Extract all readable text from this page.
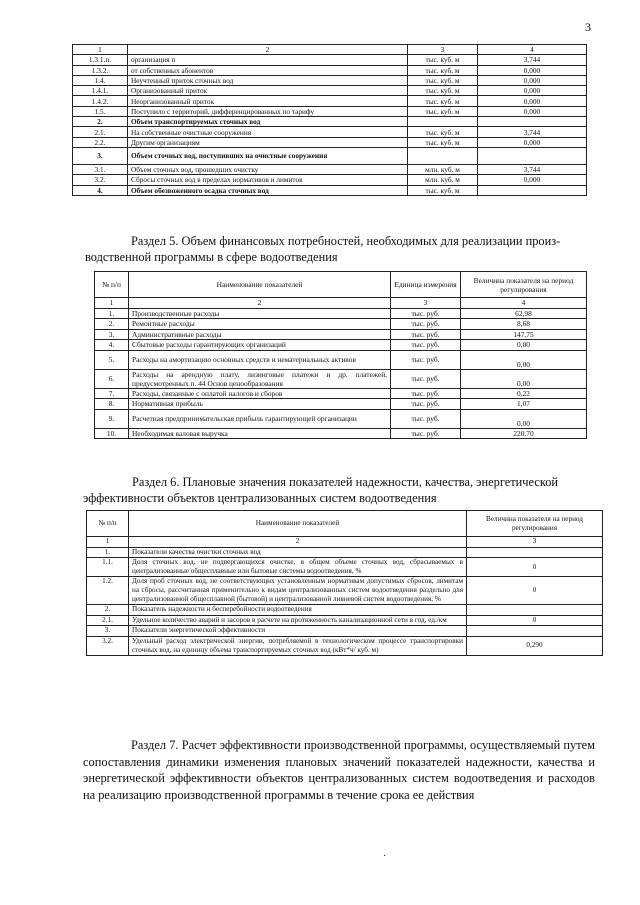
3
1	2	3	4
1.3.1.п.	организация п	тыс. куб. м	3,744
1.3.2.	от собственных абонентов	тыс. куб. м	0,000
1.4.	Неучтенный приток сточных вод	тыс. куб. м	0,000
1.4.1.	Организованный приток	тыс. куб. м	0,000
1.4.2.	Неорганизованный приток	тыс. куб. м	0,000
1.5.	Поступило с территорий, дифференцированных по тарифу	тыс. куб. м	0,000
2.	Объем транспортируемых сточных вод		
2.1.	На собственные очистные сооружения	тыс. куб. м	3,744
2.2.	Другим организациям	тыс. куб. м	0,000
3.	Объем сточных вод, поступивших на очистные сооружения		
3.1.	Объем сточных вод, прошедших очистку	млн. куб. м	3,744
3.2.	Сбросы сточных вод в пределах нормативов и лимитов	млн. куб. м	0,000
4.	Объем обезвоженного осадка сточных вод	тыс. куб. м	
Раздел 5. Объем финансовых потребностей, необходимых для реализации произ-
водственной программы в сфере водоотведения
№ п/п	Наименование показателей	Единица измерения	Величина показателя на период регулирования
1	2	3	4
1.	Производственные расходы	тыс. руб.	62,98
2.	Ремонтные расходы	тыс. руб.	8,68
3.	Административные расходы	тыс. руб.	147,75
4.	Сбытовые расходы гарантирующих организаций	тыс. руб.	0,00
5.	Расходы на амортизацию основных средств и нематериальных активов	тыс. руб.	0,00
6.	Расходы на арендную плату, лизинговые платежи и др. платежей, предусмотренных п. 44 Основ ценообразования	тыс. руб.	0,00
7.	Расходы, связанные с оплатой налогов и сборов	тыс. руб.	0,22
8.	Нормативная прибыль	тыс. руб.	1,07
9.	Расчетная предпринимательская прибыль гарантирующей организации	тыс. руб.	0,00
10.	Необходимая валовая выручка	тыс. руб.	220,70
Раздел 6. Плановые значения показателей надежности, качества, энергетической
эффективности объектов централизованных систем водоотведения
№ п/п	Наименование показателей	Величина показателя на период регулирования
1	2	3
1.	Показатели качества очистки сточных вод	
1.1.	Доля сточных вод, не подвергающихся очистке, в общем объеме сточных вод, сбрасываемых в централизованные общесплавные или бытовые системы водоотведения, %	0
1.2.	Доля проб сточных вод, не соответствующих установленным нормативам допустимых сбросов, лимитам на сбросы, рассчитанная применительно к видам централизованных систем водоотведения раздельно для централизованной общесплавной (бытовой) и централизованной ливневой систем водоотведения, %	0
2.	Показатель надежности и бесперебойности водоотведения	
2.1.	Удельное количество аварий и засоров в расчете на протяженность канализационной сети в год, ед./км	0
3.	Показатели энергетической эффективности	
3.2.	Удельный расход электрической энергии, потребляемой в технологическом процессе транспортировки сточных вод, на единицу объема транспортируемых сточных вод (кВт*ч/ куб. м)	0,290

Раздел 7. Расчет эффективности производственной программы, осуществляемый путем сопоставления динамики изменения плановых значений показателей надежности, качества и энергетической эффективности объектов централизованных систем водоотведения и расходов на реализацию производственной программы в течение срока ее действия

·
